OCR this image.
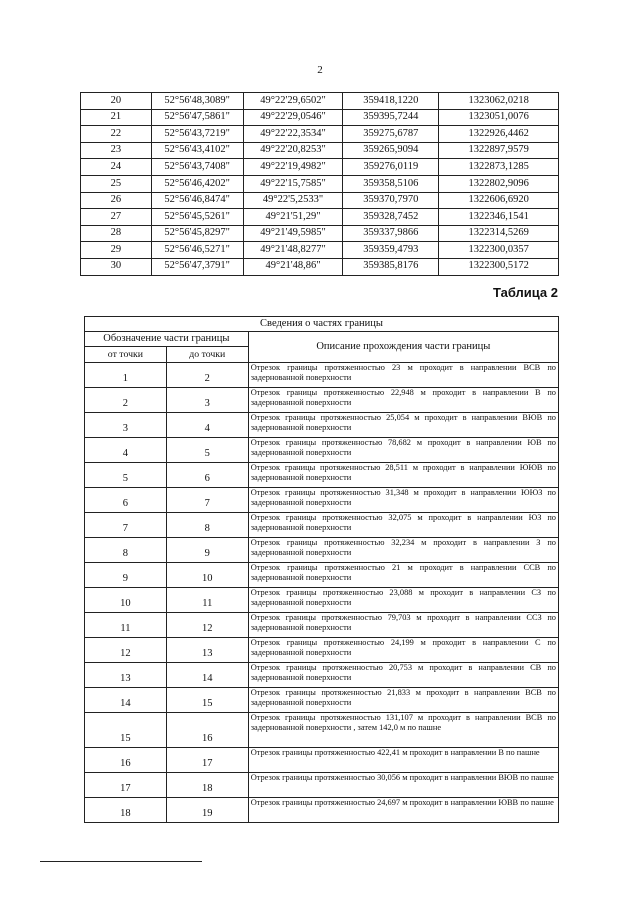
2
20	52°56'48,3089"	49°22'29,6502"	359418,1220	1323062,0218
21	52°56'47,5861"	49°22'29,0546"	359395,7244	1323051,0076
22	52°56'43,7219"	49°22'22,3534"	359275,6787	1322926,4462
23	52°56'43,4102"	49°22'20,8253"	359265,9094	1322897,9579
24	52°56'43,7408"	49°22'19,4982"	359276,0119	1322873,1285
25	52°56'46,4202"	49°22'15,7585"	359358,5106	1322802,9096
26	52°56'46,8474"	49°22'5,2533"	359370,7970	1322606,6920
27	52°56'45,5261"	49°21'51,29"	359328,7452	1322346,1541
28	52°56'45,8297"	49°21'49,5985"	359337,9866	1322314,5269
29	52°56'46,5271"	49°21'48,8277"	359359,4793	1322300,0357
30	52°56'47,3791"	49°21'48,86"	359385,8176	1322300,5172
Таблица 2
Сведения о частях границы		
Обозначение части границы		Описание прохождения части границы
от точки	до точки	
1	2	Отрезок границы протяженностью 23 м проходит в направлении ВСВ по задернованной поверхности
2	3	Отрезок границы протяженностью 22,948 м проходит в направлении В по задернованной поверхности
3	4	Отрезок границы протяженностью 25,054 м проходит в направлении ВЮВ по задернованной поверхности
4	5	Отрезок границы протяженностью 78,682 м проходит в направлении ЮВ по задернованной поверхности
5	6	Отрезок границы протяженностью 28,511 м проходит в направлении ЮЮВ по задернованной поверхности
6	7	Отрезок границы протяженностью 31,348 м проходит в направлении ЮЮЗ по задернованной поверхности
7	8	Отрезок границы протяженностью 32,075 м проходит в направлении ЮЗ по задернованной поверхности
8	9	Отрезок границы протяженностью 32,234 м проходит в направлении З по задернованной поверхности
9	10	Отрезок границы протяженностью 21 м проходит в направлении ССВ по задернованной поверхности
10	11	Отрезок границы протяженностью 23,088 м проходит в направлении СЗ по задернованной поверхности
11	12	Отрезок границы протяженностью 79,703 м проходит в направлении ССЗ по задернованной поверхности
12	13	Отрезок границы протяженностью 24,199 м проходит в направлении С по задернованной поверхности
13	14	Отрезок границы протяженностью 20,753 м проходит в направлении СВ по задернованной поверхности
14	15	Отрезок границы протяженностью 21,833 м проходит в направлении ВСВ по задернованной поверхности
15	16	Отрезок границы протяженностью 131,107 м проходит в направлении ВСВ по задернованной поверхности , затем 142,0 м по пашне
16	17	Отрезок границы протяженностью 422,41 м проходит в направлении В по пашне
17	18	Отрезок границы протяженностью 30,056 м проходит в направлении ВЮВ по пашне
18	19	Отрезок границы протяженностью 24,697 м проходит в направлении ЮВВ по пашне
